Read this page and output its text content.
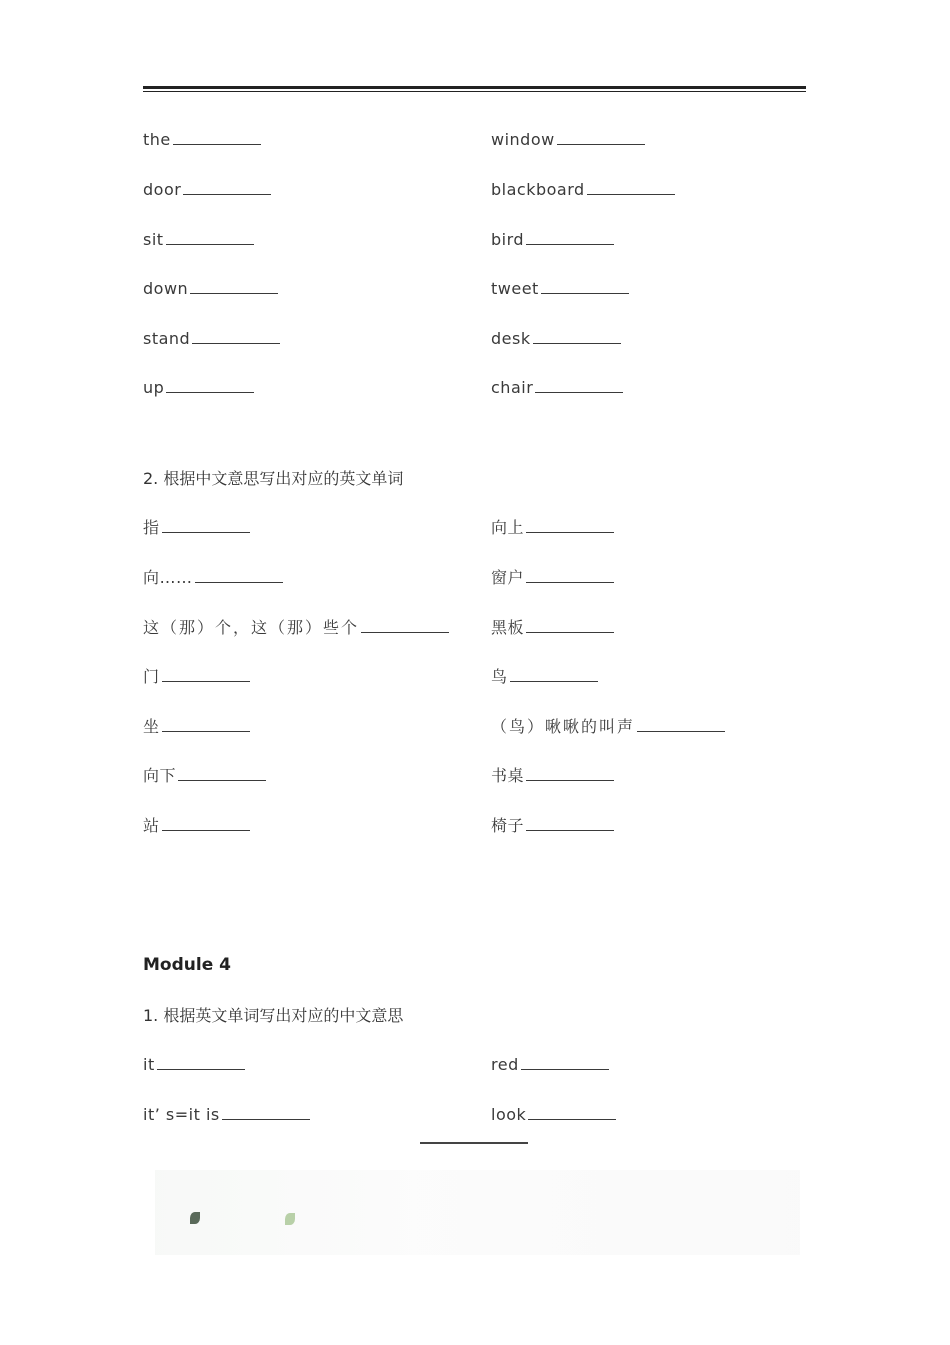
the
door
sit
down
stand
up
window
blackboard
bird
tweet
desk
chair
2. 根据中文意思写出对应的英文单词
指
向……
这（那）个，这（那）些个
门
坐
向下
站
向上
窗户
黑板
鸟
（鸟）啾啾的叫声
书桌
椅子
Module 4
1. 根据英文单词写出对应的中文意思
it
it’ s=it is
red
look
